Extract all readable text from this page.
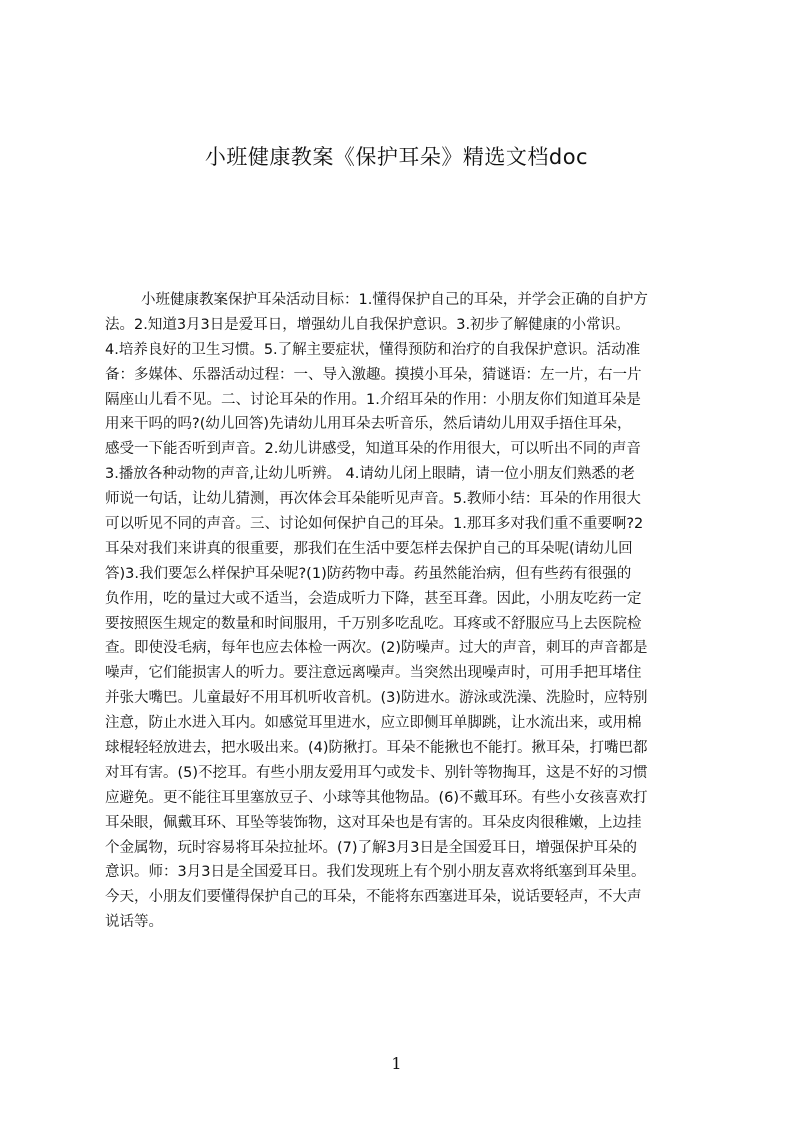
小班健康教案《保护耳朵》精选文档doc
小班健康教案保护耳朵活动目标：1.懂得保护自己的耳朵，并学会正确的自护方
法。2.知道3月3日是爱耳日，增强幼儿自我保护意识。3.初步了解健康的小常识。
4.培养良好的卫生习惯。5.了解主要症状，懂得预防和治疗的自我保护意识。活动准
备：多媒体、乐器活动过程：一、导入激趣。摸摸小耳朵，猜谜语：左一片，右一片
隔座山儿看不见。二、讨论耳朵的作用。1.介绍耳朵的作用：小朋友你们知道耳朵是
用来干吗的吗?(幼儿回答)先请幼儿用耳朵去听音乐，然后请幼儿用双手捂住耳朵，
感受一下能否听到声音。2.幼儿讲感受，知道耳朵的作用很大，可以听出不同的声音
3.播放各种动物的声音,让幼儿听辨。 4.请幼儿闭上眼睛，请一位小朋友们熟悉的老
师说一句话，让幼儿猜测，再次体会耳朵能听见声音。5.教师小结：耳朵的作用很大
可以听见不同的声音。三、讨论如何保护自己的耳朵。1.那耳多对我们重不重要啊?2
耳朵对我们来讲真的很重要，那我们在生活中要怎样去保护自己的耳朵呢(请幼儿回
答)3.我们要怎么样保护耳朵呢?(1)防药物中毒。药虽然能治病，但有些药有很强的
负作用，吃的量过大或不适当，会造成听力下降，甚至耳聋。因此，小朋友吃药一定
要按照医生规定的数量和时间服用，千万别多吃乱吃。耳疼或不舒服应马上去医院检
查。即使没毛病，每年也应去体检一两次。(2)防噪声。过大的声音，刺耳的声音都是
噪声，它们能损害人的听力。要注意远离噪声。当突然出现噪声时，可用手把耳堵住
并张大嘴巴。儿童最好不用耳机听收音机。(3)防进水。游泳或洗澡、洗脸时，应特别
注意，防止水进入耳内。如感觉耳里进水，应立即侧耳单脚跳，让水流出来，或用棉
球棍轻轻放进去，把水吸出来。(4)防揪打。耳朵不能揪也不能打。揪耳朵，打嘴巴都
对耳有害。(5)不挖耳。有些小朋友爱用耳勺或发卡、别针等物掏耳，这是不好的习惯
应避免。更不能往耳里塞放豆子、小球等其他物品。(6)不戴耳环。有些小女孩喜欢打
耳朵眼，佩戴耳环、耳坠等装饰物，这对耳朵也是有害的。耳朵皮肉很稚嫩，上边挂
个金属物，玩时容易将耳朵拉扯坏。(7)了解3月3日是全国爱耳日，增强保护耳朵的
意识。师：3月3日是全国爱耳日。我们发现班上有个别小朋友喜欢将纸塞到耳朵里。
今天，小朋友们要懂得保护自己的耳朵，不能将东西塞进耳朵，说话要轻声，不大声
说话等。
1
